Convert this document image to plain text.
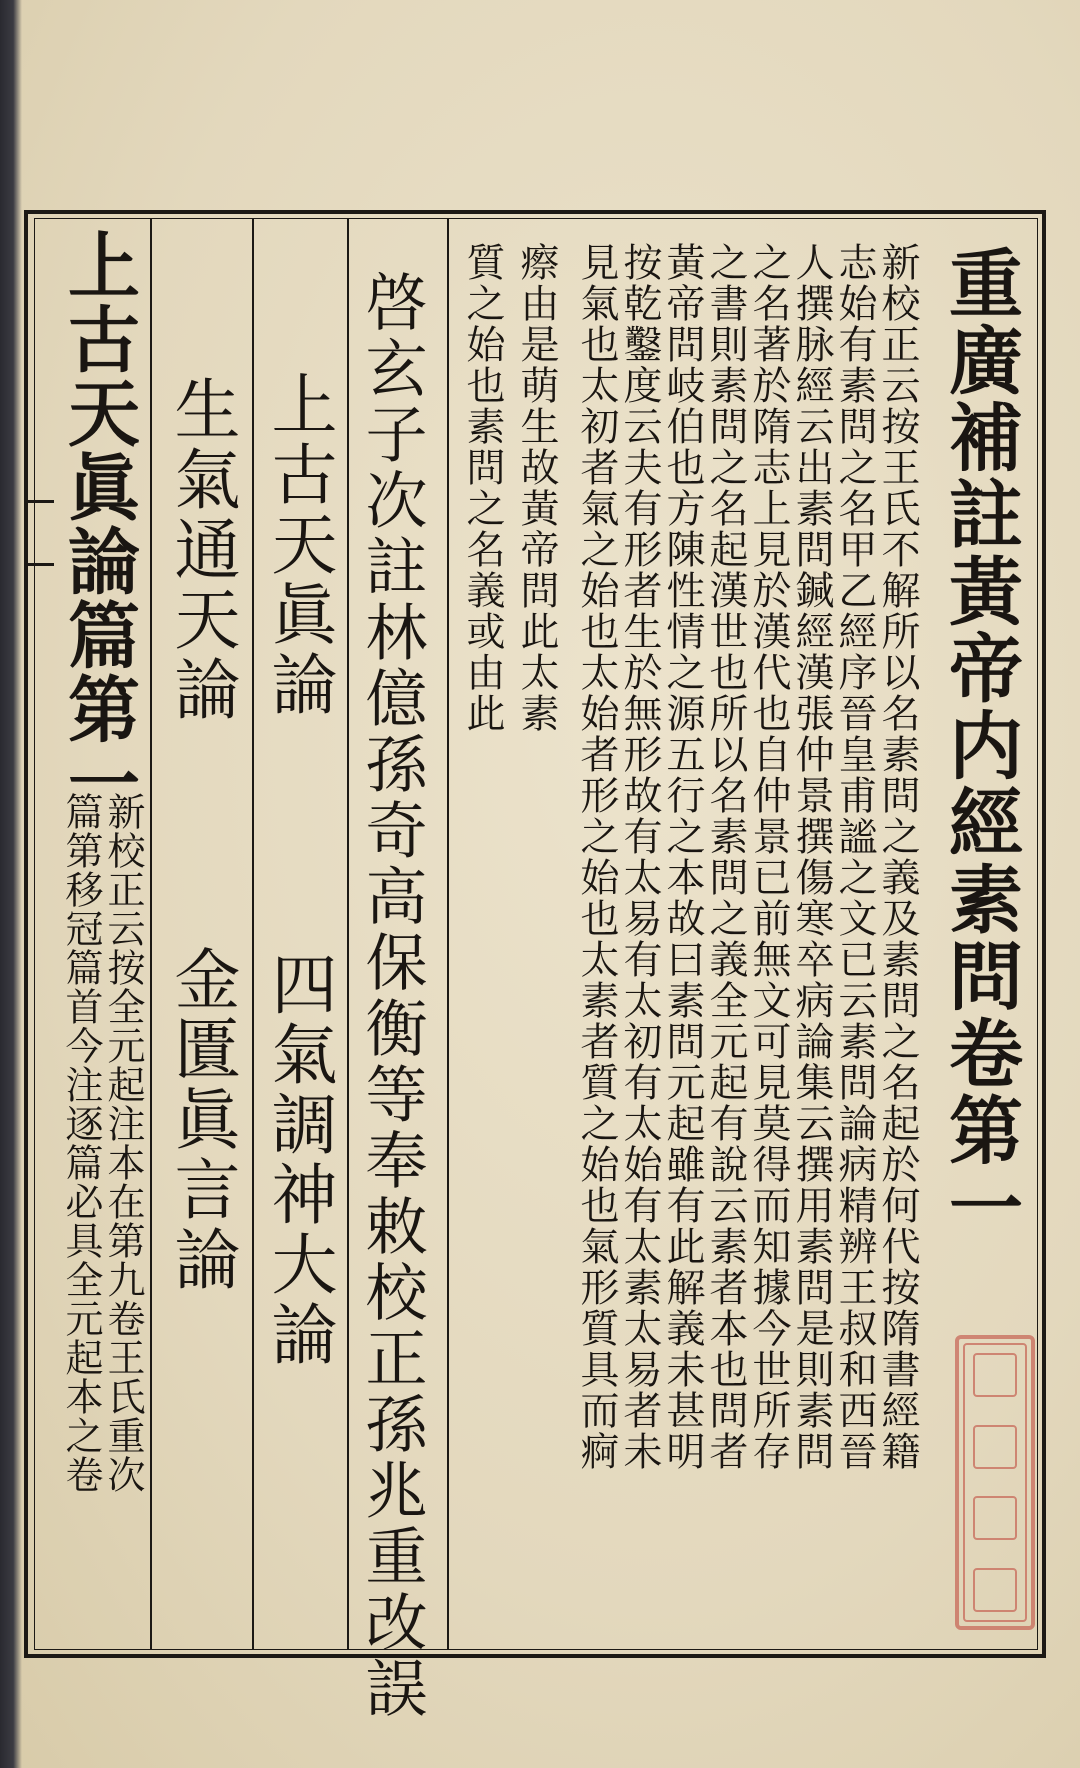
重廣補註黃帝内經素問卷第一
新校正云按王氏不解所以名素問之義及素問之名起於何代按隋書經籍
志始有素問之名甲乙經序晉皇甫謐之文已云素問論病精辨王叔和西晉
人撰脉經云出素問鍼經漢張仲景撰傷寒卒病論集云撰用素問是則素問
之名著於隋志上見於漢代也自仲景已前無文可見莫得而知據今世所存
之書則素問之名起漢世也所以名素問之義全元起有說云素者本也問者
黃帝問岐伯也方陳性情之源五行之本故曰素問元起雖有此解義未甚明
按乾鑿度云夫有形者生於無形故有太易有太初有太始有太素太易者未
見氣也太初者氣之始也太始者形之始也太素者質之始也氣形質具而痾
瘵由是萌生故黃帝問此太素
質之始也素問之名義或由此
啓玄子次註林億孫奇高保衡等奉敕校正孫兆重改誤
上古天眞論
四氣調神大論
生氣通天論
金匱眞言論
上古天眞論篇第一
新校正云按全元起注本在第九卷王氏重次
篇第移冠篇首今注逐篇必具全元起本之卷
